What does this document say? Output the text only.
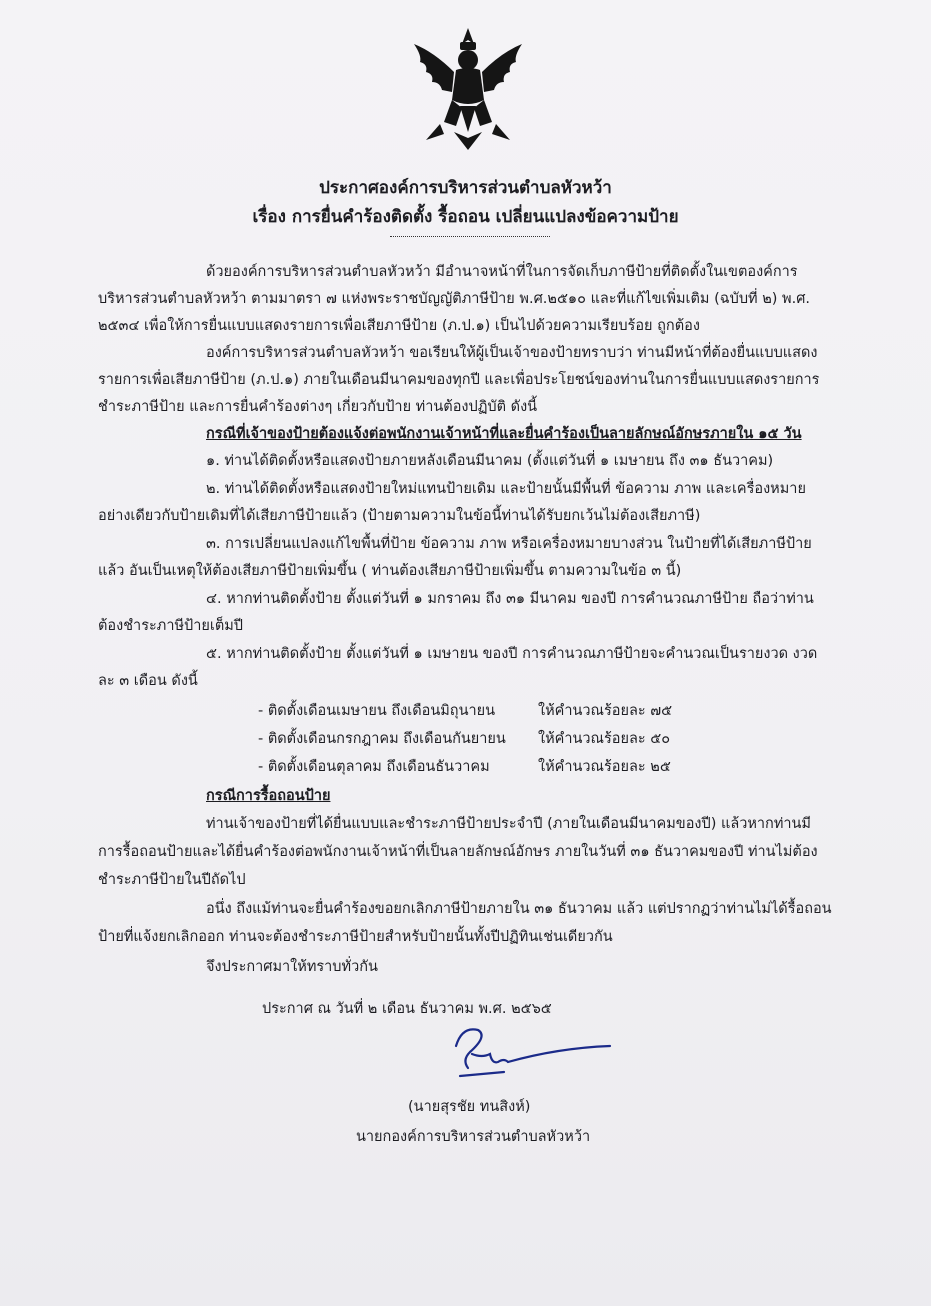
ประกาศองค์การบริหารส่วนตำบลหัวหว้า
เรื่อง การยื่นคำร้องติดตั้ง รื้อถอน เปลี่ยนแปลงข้อความป้าย
ด้วยองค์การบริหารส่วนตำบลหัวหว้า มีอำนาจหน้าที่ในการจัดเก็บภาษีป้ายที่ติดตั้งในเขตองค์การ
บริหารส่วนตำบลหัวหว้า ตามมาตรา ๗ แห่งพระราชบัญญัติภาษีป้าย พ.ศ.๒๕๑๐ และที่แก้ไขเพิ่มเติม (ฉบับที่ ๒) พ.ศ.
๒๕๓๔ เพื่อให้การยื่นแบบแสดงรายการเพื่อเสียภาษีป้าย (ภ.ป.๑) เป็นไปด้วยความเรียบร้อย ถูกต้อง
องค์การบริหารส่วนตำบลหัวหว้า ขอเรียนให้ผู้เป็นเจ้าของป้ายทราบว่า ท่านมีหน้าที่ต้องยื่นแบบแสดง
รายการเพื่อเสียภาษีป้าย (ภ.ป.๑) ภายในเดือนมีนาคมของทุกปี และเพื่อประโยชน์ของท่านในการยื่นแบบแสดงรายการ
ชำระภาษีป้าย และการยื่นคำร้องต่างๆ เกี่ยวกับป้าย ท่านต้องปฏิบัติ ดังนี้
กรณีที่เจ้าของป้ายต้องแจ้งต่อพนักงานเจ้าหน้าที่และยื่นคำร้องเป็นลายลักษณ์อักษรภายใน ๑๕ วัน
๑. ท่านได้ติดตั้งหรือแสดงป้ายภายหลังเดือนมีนาคม (ตั้งแต่วันที่ ๑ เมษายน ถึง ๓๑ ธันวาคม)
๒. ท่านได้ติดตั้งหรือแสดงป้ายใหม่แทนป้ายเดิม และป้ายนั้นมีพื้นที่ ข้อความ ภาพ และเครื่องหมาย
อย่างเดียวกับป้ายเดิมที่ได้เสียภาษีป้ายแล้ว (ป้ายตามความในข้อนี้ท่านได้รับยกเว้นไม่ต้องเสียภาษี)
๓. การเปลี่ยนแปลงแก้ไขพื้นที่ป้าย ข้อความ ภาพ หรือเครื่องหมายบางส่วน ในป้ายที่ได้เสียภาษีป้าย
แล้ว อันเป็นเหตุให้ต้องเสียภาษีป้ายเพิ่มขึ้น ( ท่านต้องเสียภาษีป้ายเพิ่มขึ้น ตามความในข้อ ๓ นี้)
๔. หากท่านติดตั้งป้าย ตั้งแต่วันที่ ๑ มกราคม ถึง ๓๑ มีนาคม ของปี การคำนวณภาษีป้าย ถือว่าท่าน
ต้องชำระภาษีป้ายเต็มปี
๕. หากท่านติดตั้งป้าย ตั้งแต่วันที่ ๑ เมษายน ของปี การคำนวณภาษีป้ายจะคำนวณเป็นรายงวด งวด
ละ ๓ เดือน ดังนี้
- ติดตั้งเดือนเมษายน ถึงเดือนมิถุนายน	ให้คำนวณร้อยละ ๗๕
- ติดตั้งเดือนกรกฎาคม ถึงเดือนกันยายน ให้คำนวณร้อยละ ๕๐
- ติดตั้งเดือนตุลาคม ถึงเดือนธันวาคม	ให้คำนวณร้อยละ ๒๕
กรณีการรื้อถอนป้าย
ท่านเจ้าของป้ายที่ได้ยื่นแบบและชำระภาษีป้ายประจำปี (ภายในเดือนมีนาคมของปี) แล้วหากท่านมี
การรื้อถอนป้ายและได้ยื่นคำร้องต่อพนักงานเจ้าหน้าที่เป็นลายลักษณ์อักษร ภายในวันที่ ๓๑ ธันวาคมของปี ท่านไม่ต้อง
ชำระภาษีป้ายในปีถัดไป
อนึ่ง ถึงแม้ท่านจะยื่นคำร้องขอยกเลิกภาษีป้ายภายใน ๓๑ ธันวาคม แล้ว แต่ปรากฏว่าท่านไม่ได้รื้อถอน
ป้ายที่แจ้งยกเลิกออก ท่านจะต้องชำระภาษีป้ายสำหรับป้ายนั้นทั้งปีปฏิทินเช่นเดียวกัน
จึงประกาศมาให้ทราบทั่วกัน
ประกาศ ณ วันที่ ๒ เดือน ธันวาคม พ.ศ. ๒๕๖๕
(นายสุรชัย ทนสิงห์)
นายกองค์การบริหารส่วนตำบลหัวหว้า
